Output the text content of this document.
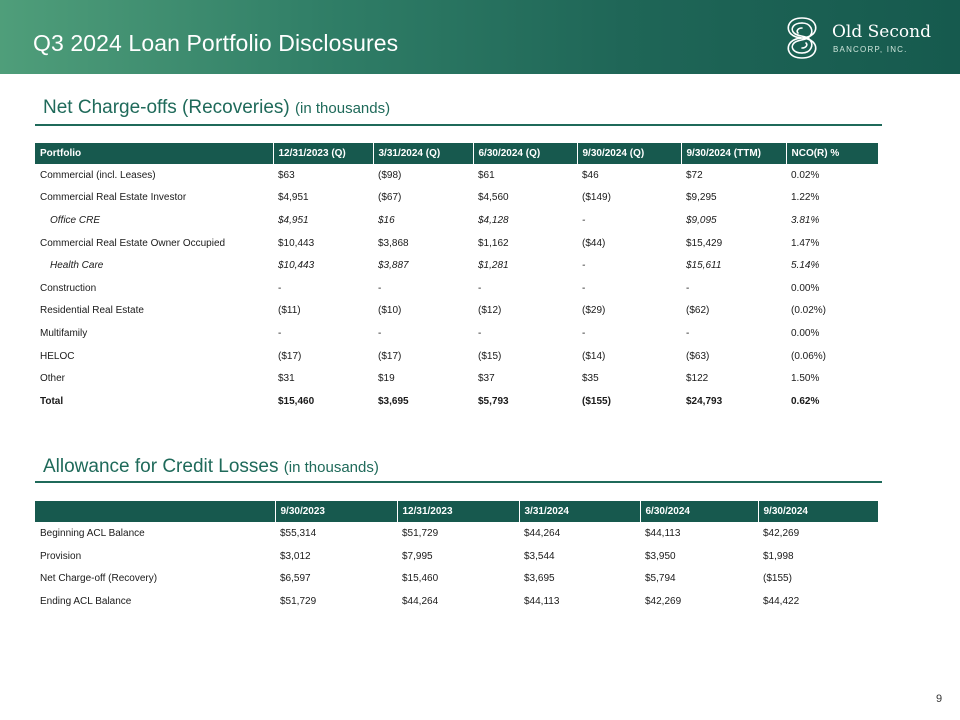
Q3 2024 Loan Portfolio Disclosures	Old Second
BANCORP, INC.
Net Charge-offs (Recoveries) (in thousands)
Portfolio	12/31/2023 (Q)	3/31/2024 (Q)	6/30/2024 (Q)	9/30/2024 (Q)	9/30/2024 (TTM)	NCO(R) %
Commercial (incl. Leases)	$63	($98)	$61	$46	$72	0.02%
Commercial Real Estate Investor	$4,951	($67)	$4,560	($149)	$9,295	1.22%
Office CRE	$4,951	$16	$4,128	-	$9,095	3.81%
Commercial Real Estate Owner Occupied	$10,443	$3,868	$1,162	($44)	$15,429	1.47%
Health Care	$10,443	$3,887	$1,281	-	$15,611	5.14%
Construction	-	-	-	-	-	0.00%
Residential Real Estate	($11)	($10)	($12)	($29)	($62)	(0.02%)
Multifamily	-	-	-	-	-	0.00%
HELOC	($17)	($17)	($15)	($14)	($63)	(0.06%)
Other	$31	$19	$37	$35	$122	1.50%
Total	$15,460	$3,695	$5,793	($155)	$24,793	0.62%
Allowance for Credit Losses (in thousands)
	9/30/2023	12/31/2023	3/31/2024	6/30/2024	9/30/2024
Beginning ACL Balance	$55,314	$51,729	$44,264	$44,113	$42,269
Provision	$3,012	$7,995	$3,544	$3,950	$1,998
Net Charge-off (Recovery)	$6,597	$15,460	$3,695	$5,794	($155)
Ending ACL Balance	$51,729	$44,264	$44,113	$42,269	$44,422
9
